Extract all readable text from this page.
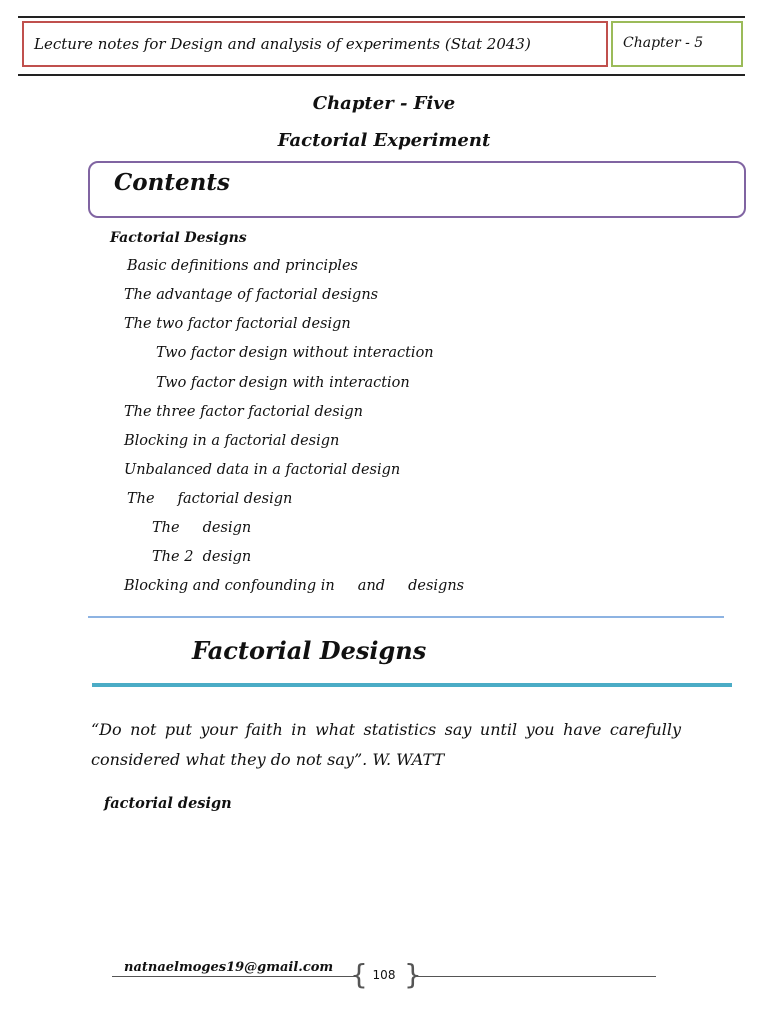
Lecture notes for Design and analysis of experiments (Stat 2043)	Chapter - 5
Chapter - Five
Factorial Experiment
Contents
Factorial Designs
Basic definitions and principles
The advantage of factorial designs
The two factor factorial design
Two factor design without interaction
Two factor design with interaction
The three factor factorial design
Blocking in a factorial design
Unbalanced data in a factorial design
The     factorial design
The     design
The 2  design
Blocking and confounding in     and     designs
Factorial Designs
“Do not put your faith in what statistics say until you have carefully considered what they do not say”. W. WATT
factorial design
natnaelmoges19@gmail.com { 108 }
